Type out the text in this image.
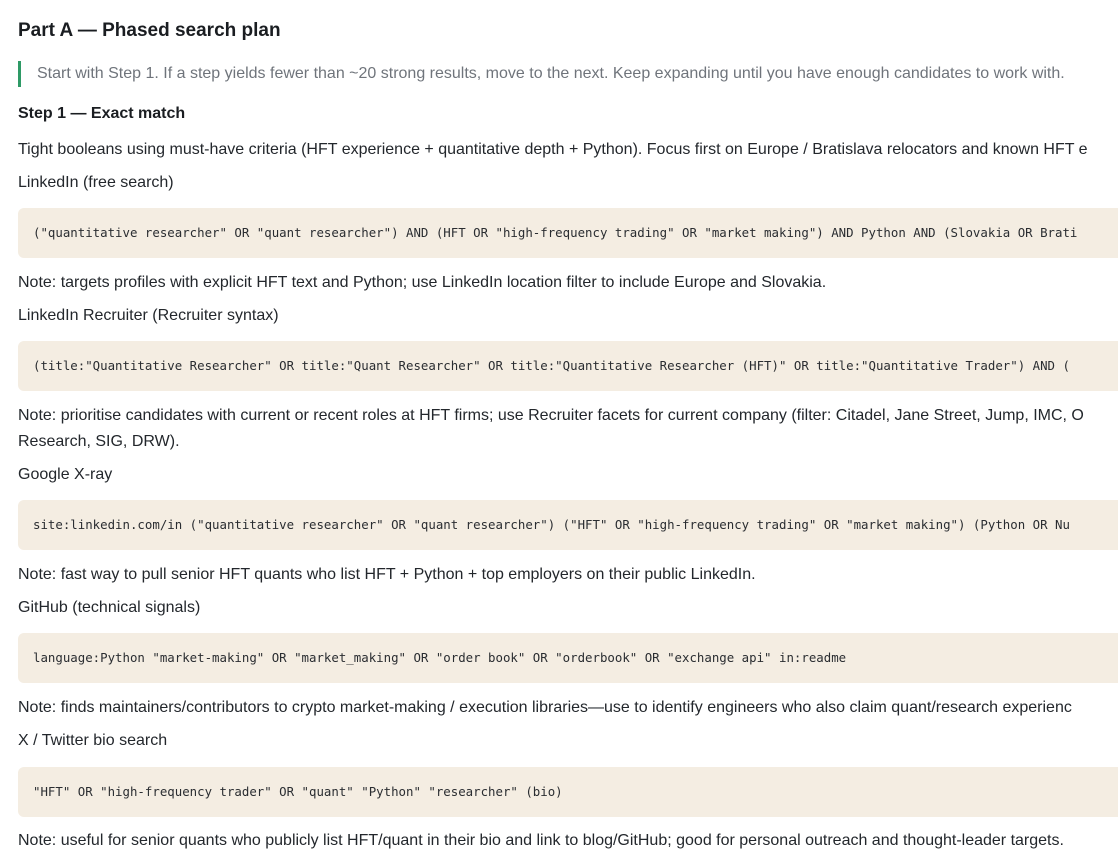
Part A — Phased search plan
Start with Step 1. If a step yields fewer than ~20 strong results, move to the next. Keep expanding until you have enough candidates to work with.
Step 1 — Exact match
Tight booleans using must-have criteria (HFT experience + quantitative depth + Python). Focus first on Europe / Bratislava relocators and known HFT e
LinkedIn (free search)
("quantitative researcher" OR "quant researcher") AND (HFT OR "high-frequency trading" OR "market making") AND Python AND (Slovakia OR Brati
Note: targets profiles with explicit HFT text and Python; use LinkedIn location filter to include Europe and Slovakia.
LinkedIn Recruiter (Recruiter syntax)
(title:"Quantitative Researcher" OR title:"Quant Researcher" OR title:"Quantitative Researcher (HFT)" OR title:"Quantitative Trader") AND (
Note: prioritise candidates with current or recent roles at HFT firms; use Recruiter facets for current company (filter: Citadel, Jane Street, Jump, IMC, O Research, SIG, DRW).
Google X-ray
site:linkedin.com/in ("quantitative researcher" OR "quant researcher") ("HFT" OR "high-frequency trading" OR "market making") (Python OR Nu
Note: fast way to pull senior HFT quants who list HFT + Python + top employers on their public LinkedIn.
GitHub (technical signals)
language:Python "market-making" OR "market_making" OR "order book" OR "orderbook" OR "exchange api" in:readme
Note: finds maintainers/contributors to crypto market-making / execution libraries—use to identify engineers who also claim quant/research experienc
X / Twitter bio search
"HFT" OR "high-frequency trader" OR "quant" "Python" "researcher" (bio)
Note: useful for senior quants who publicly list HFT/quant in their bio and link to blog/GitHub; good for personal outreach and thought-leader targets.
